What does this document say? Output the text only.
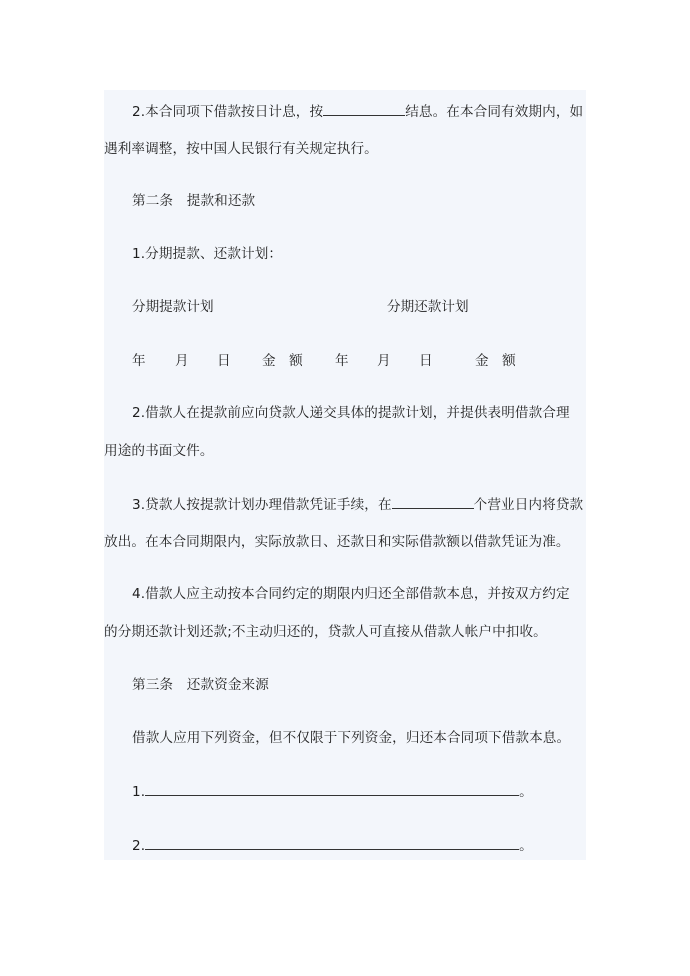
2.本合同项下借款按日计息，按	结息。在本合同有效期内，如
遇利率调整，按中国人民银行有关规定执行。
第二条　提款和还款
1.分期提款、还款计划：
分期提款计划	分期还款计划
年 月 日 金　额 年 月 日	金　额
2.借款人在提款前应向贷款人递交具体的提款计划，并提供表明借款合理
用途的书面文件。
3.贷款人按提款计划办理借款凭证手续，在	个营业日内将贷款
放出。在本合同期限内，实际放款日、还款日和实际借款额以借款凭证为准。
4.借款人应主动按本合同约定的期限内归还全部借款本息，并按双方约定
的分期还款计划还款;不主动归还的，贷款人可直接从借款人帐户中扣收。
第三条　还款资金来源
借款人应用下列资金，但不仅限于下列资金，归还本合同项下借款本息。
1.	。
2.	。
